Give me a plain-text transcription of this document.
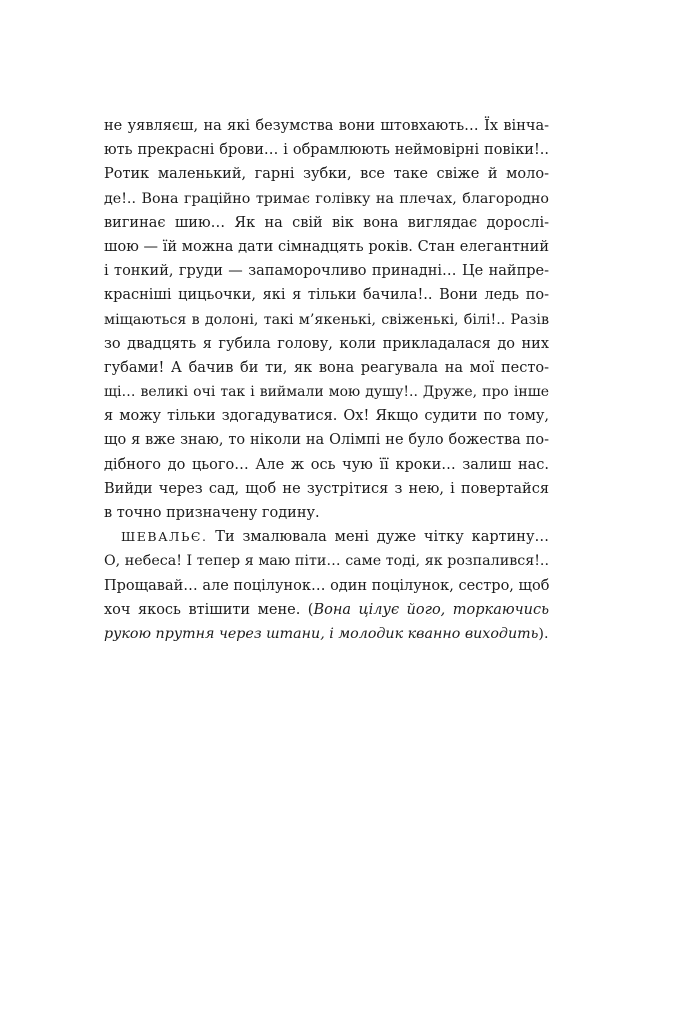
не уявляєш, на які безумства вони штовхають… Їх вінча-
ють прекрасні брови… і обрамлюють неймовірні повіки!..
Ротик маленький, гарні зубки, все таке свіже й моло-
де!.. Вона граційно тримає голівку на плечах, благородно
вигинає шию… Як на свій вік вона виглядає дорослі-
шою — їй можна дати сімнадцять років. Стан елегантний
і тонкий, груди — запаморочливо принадні… Це найпре-
красніші цицьочки, які я тільки бачила!.. Вони ледь по-
міщаються в долоні, такі м’якенькі, свіженькі, білі!.. Разів
зо двадцять я губила голову, коли прикладалася до них
губами! А бачив би ти, як вона реагувала на мої песто-
щі… великі очі так і виймали мою душу!.. Друже, про інше
я можу тільки здогадуватися. Ох! Якщо судити по тому,
що я вже знаю, то ніколи на Олімпі не було божества по-
дібного до цього… Але ж ось чую її кроки… залиш нас.
Вийди через сад, щоб не зустрітися з нею, і повертайся
в точно призначену годину.
ШЕВАЛЬЄ. Ти змалювала мені дуже чітку картину…
О, небеса! І тепер я маю піти… саме тоді, як розпалився!..
Прощавай… але поцілунок… один поцілунок, сестро, щоб
хоч якось втішити мене. (Вона цілує його, торкаючись
рукою прутня через штани, і молодик кванно виходить).
